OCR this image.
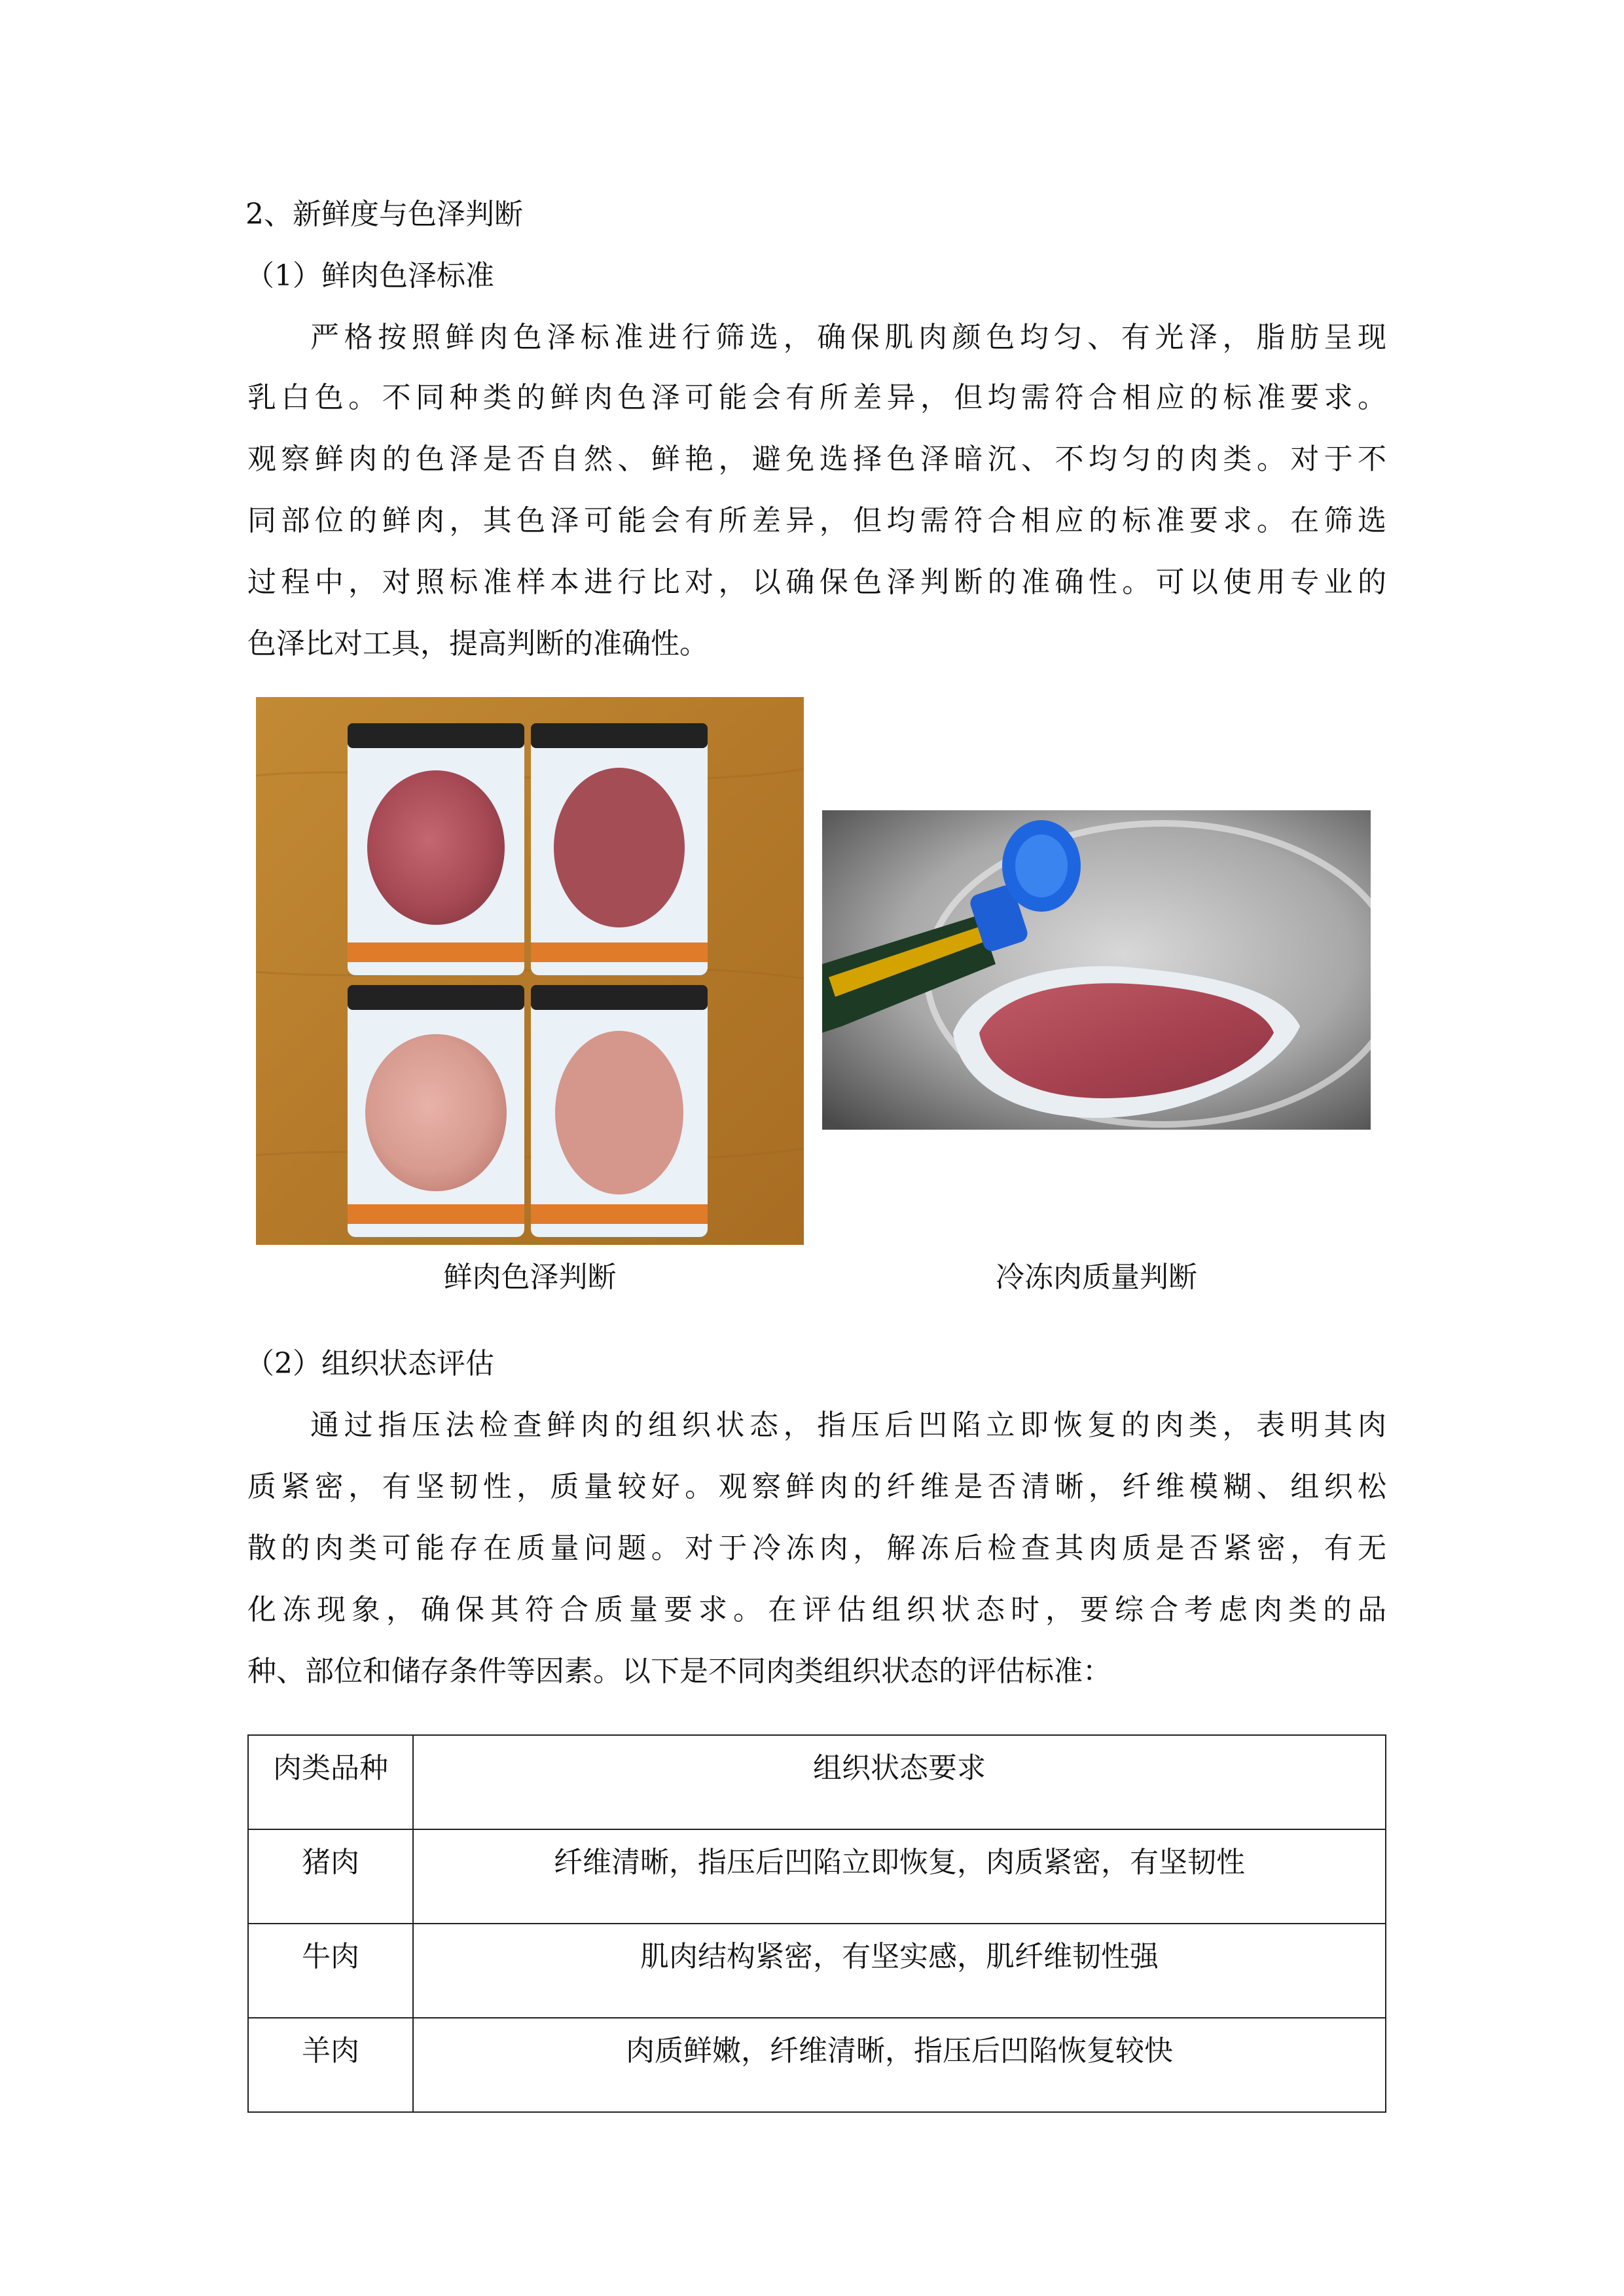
2、新鲜度与色泽判断
（1）鲜肉色泽标准
严格按照鲜肉色泽标准进行筛选，确保肌肉颜色均匀、有光泽，脂肪呈现
乳白色。不同种类的鲜肉色泽可能会有所差异，但均需符合相应的标准要求。
观察鲜肉的色泽是否自然、鲜艳，避免选择色泽暗沉、不均匀的肉类。对于不
同部位的鲜肉，其色泽可能会有所差异，但均需符合相应的标准要求。在筛选
过程中，对照标准样本进行比对，以确保色泽判断的准确性。可以使用专业的
色泽比对工具，提高判断的准确性。
鲜肉色泽判断	冷冻肉质量判断
（2）组织状态评估
通过指压法检查鲜肉的组织状态，指压后凹陷立即恢复的肉类，表明其肉
质紧密，有坚韧性，质量较好。观察鲜肉的纤维是否清晰，纤维模糊、组织松
散的肉类可能存在质量问题。对于冷冻肉，解冻后检查其肉质是否紧密，有无
化冻现象，确保其符合质量要求。在评估组织状态时，要综合考虑肉类的品
种、部位和储存条件等因素。以下是不同肉类组织状态的评估标准：
肉类品种	组织状态要求
猪肉	纤维清晰，指压后凹陷立即恢复，肉质紧密，有坚韧性
牛肉	肌肉结构紧密，有坚实感，肌纤维韧性强
羊肉	肉质鲜嫩，纤维清晰，指压后凹陷恢复较快
